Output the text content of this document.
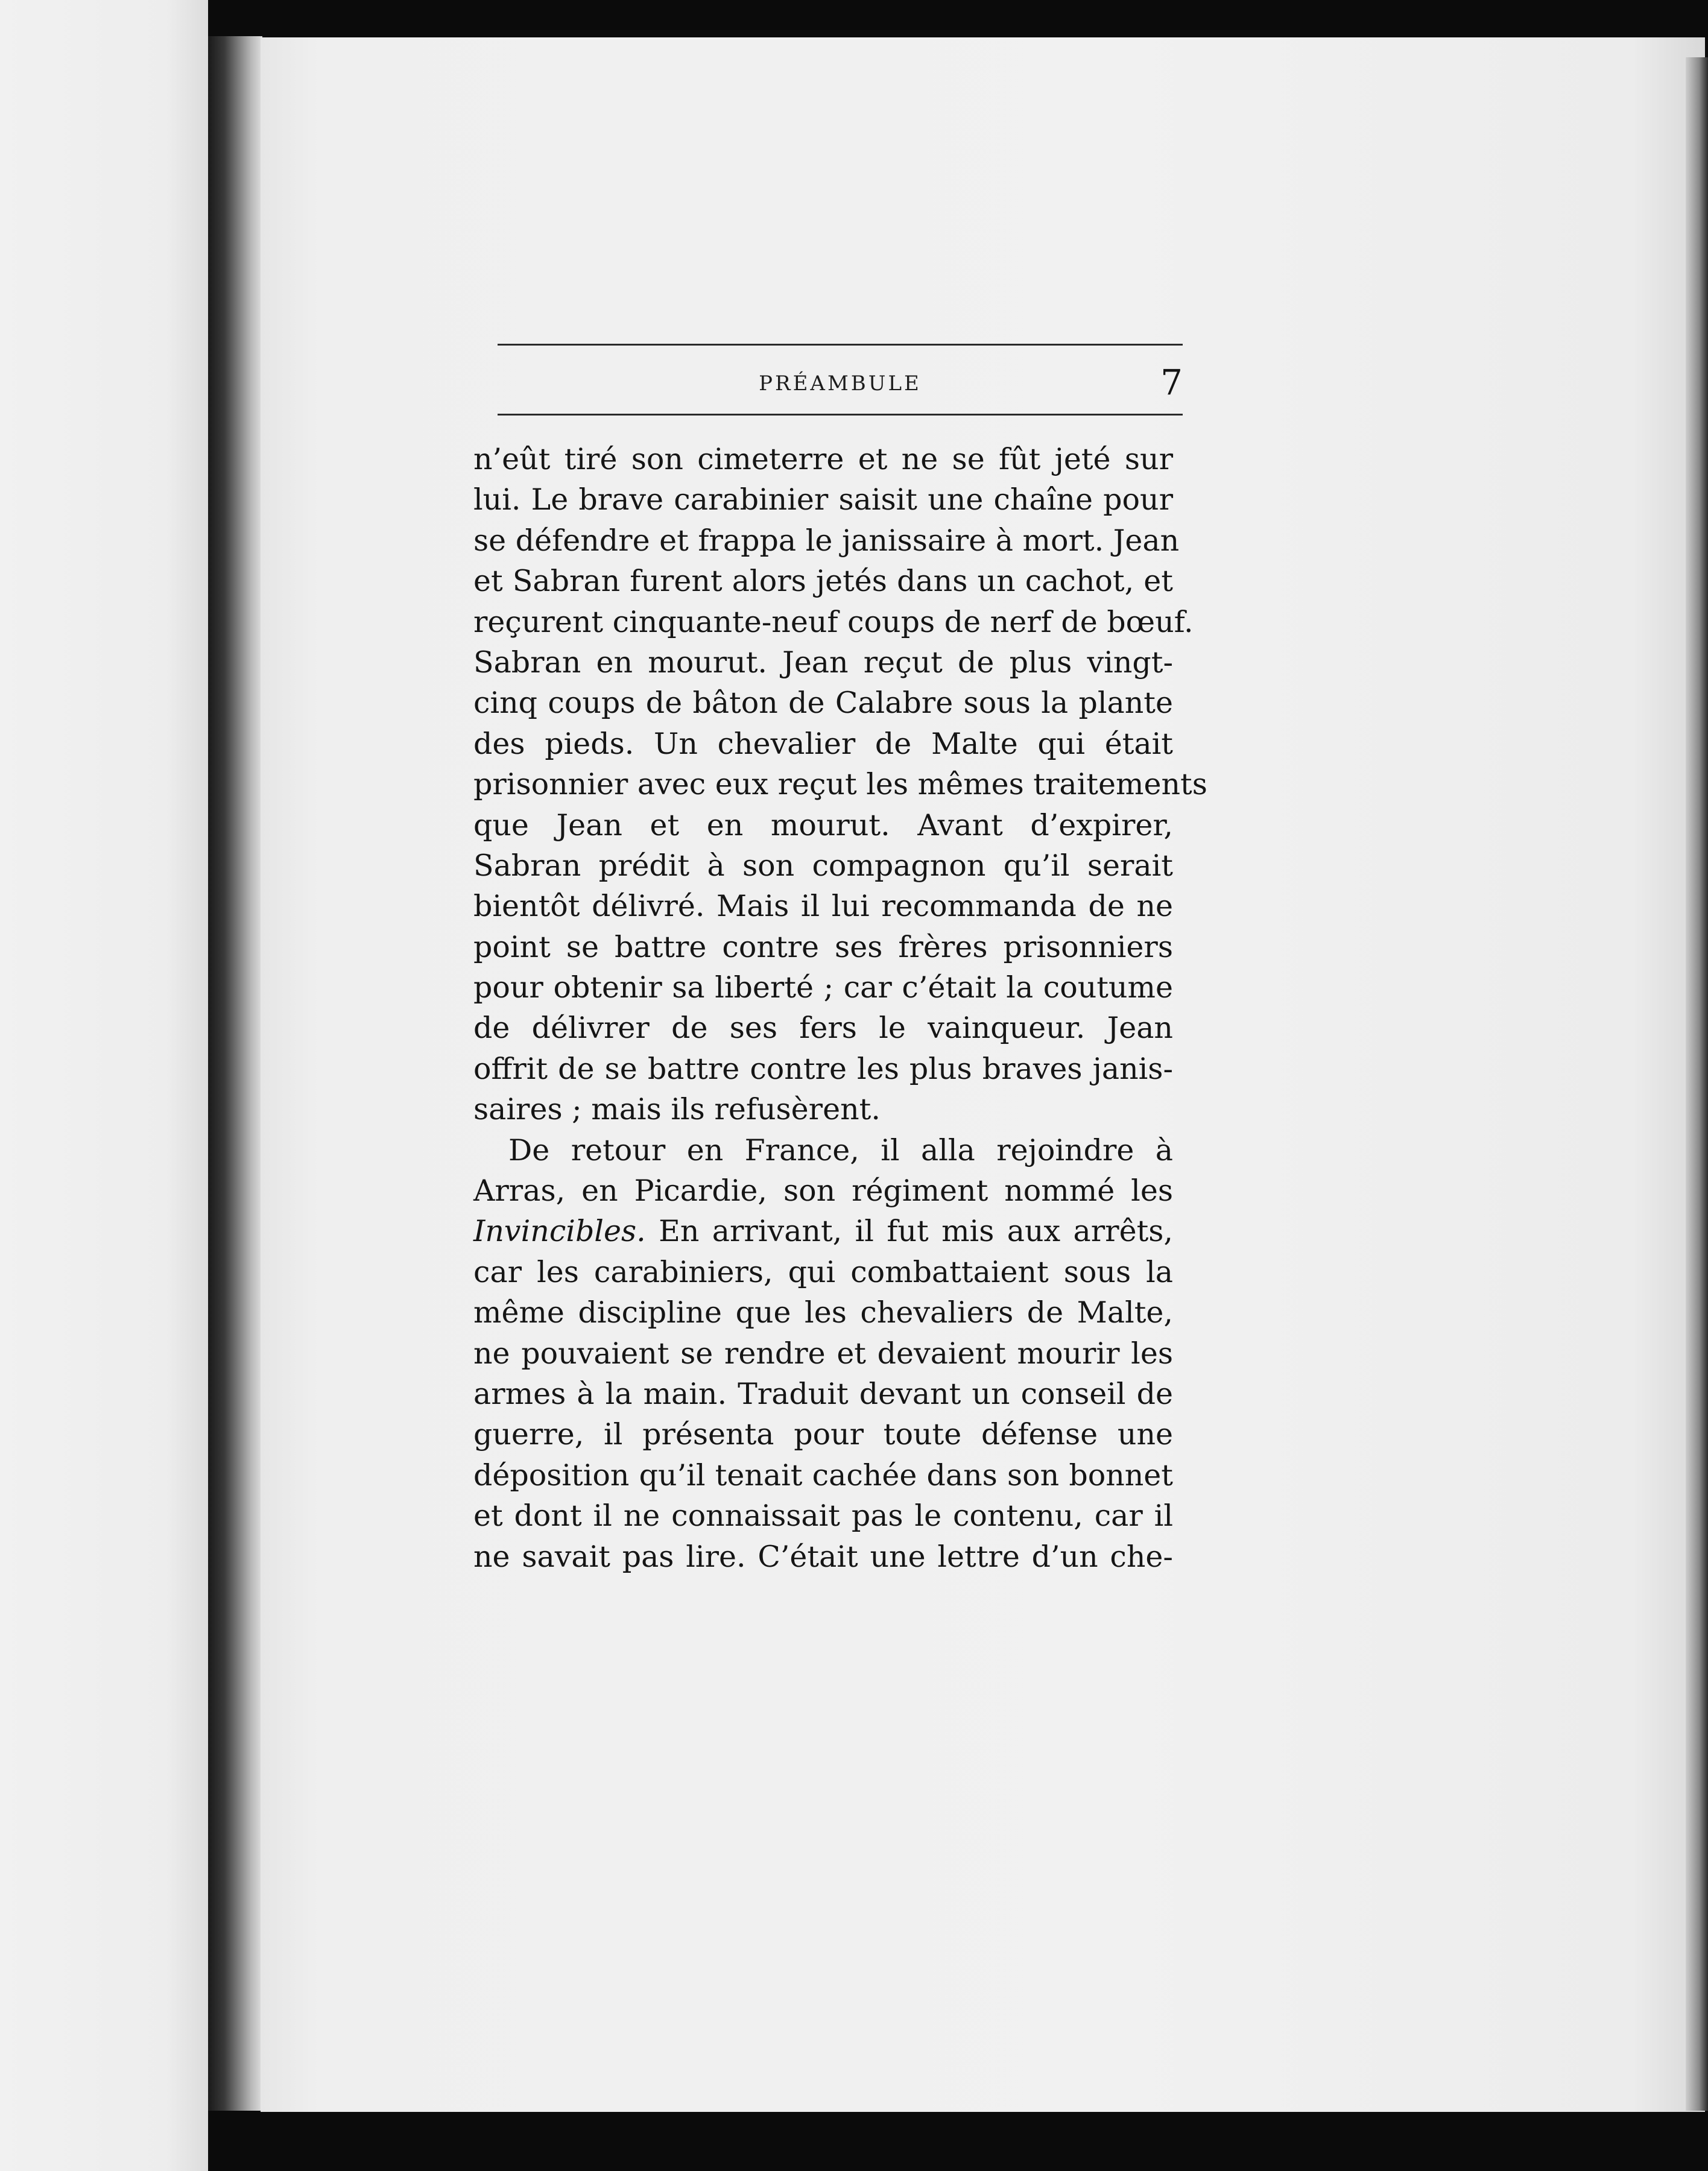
PRÉAMBULE	7
n’eût tiré son cimeterre et ne se fût jeté sur
lui. Le brave carabinier saisit une chaîne pour
se défendre et frappa le janissaire à mort. Jean
et Sabran furent alors jetés dans un cachot, et
reçurent cinquante-neuf coups de nerf de bœuf.
Sabran en mourut. Jean reçut de plus vingt-
cinq coups de bâton de Calabre sous la plante
des pieds. Un chevalier de Malte qui était
prisonnier avec eux reçut les mêmes traitements
que Jean et en mourut. Avant d’expirer,
Sabran prédit à son compagnon qu’il serait
bientôt délivré. Mais il lui recommanda de ne
point se battre contre ses frères prisonniers
pour obtenir sa liberté ; car c’était la coutume
de délivrer de ses fers le vainqueur. Jean
offrit de se battre contre les plus braves janis-
saires ; mais ils refusèrent.
De retour en France, il alla rejoindre à
Arras, en Picardie, son régiment nommé les
Invincibles. En arrivant, il fut mis aux arrêts,
car les carabiniers, qui combattaient sous la
même discipline que les chevaliers de Malte,
ne pouvaient se rendre et devaient mourir les
armes à la main. Traduit devant un conseil de
guerre, il présenta pour toute défense une
déposition qu’il tenait cachée dans son bonnet
et dont il ne connaissait pas le contenu, car il
ne savait pas lire. C’était une lettre d’un che-
